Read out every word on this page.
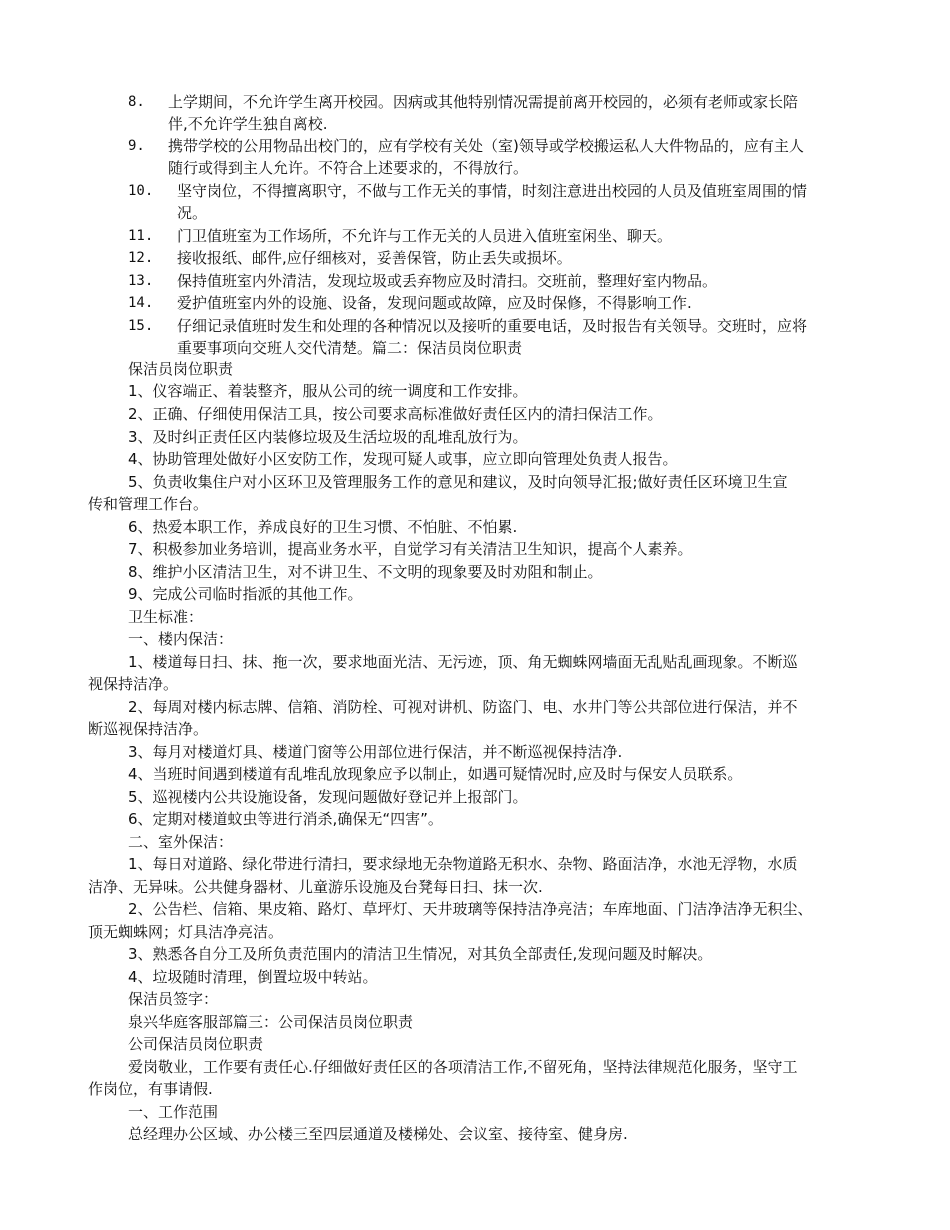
8. 上学期间，不允许学生离开校园。因病或其他特别情况需提前离开校园的，必须有老师或家长陪
伴,不允许学生独自离校.
9. 携带学校的公用物品出校门的，应有学校有关处（室)领导或学校搬运私人大件物品的，应有主人
随行或得到主人允许。不符合上述要求的，不得放行。
10. 坚守岗位，不得擅离职守，不做与工作无关的事情，时刻注意进出校园的人员及值班室周围的情
况。
11. 门卫值班室为工作场所，不允许与工作无关的人员进入值班室闲坐、聊天。
12. 接收报纸、邮件,应仔细核对，妥善保管，防止丢失或损坏。
13. 保持值班室内外清洁，发现垃圾或丢弃物应及时清扫。交班前，整理好室内物品。
14. 爱护值班室内外的设施、设备，发现问题或故障，应及时保修，不得影响工作.
15. 仔细记录值班时发生和处理的各种情况以及接听的重要电话，及时报告有关领导。交班时，应将
重要事项向交班人交代清楚。篇二：保洁员岗位职责
保洁员岗位职责
1、仪容端正、着装整齐，服从公司的统一调度和工作安排。
2、正确、仔细使用保洁工具，按公司要求高标准做好责任区内的清扫保洁工作。
3、及时纠正责任区内装修垃圾及生活垃圾的乱堆乱放行为。
4、协助管理处做好小区安防工作，发现可疑人或事，应立即向管理处负责人报告。
5、负责收集住户对小区环卫及管理服务工作的意见和建议，及时向领导汇报;做好责任区环境卫生宣
传和管理工作台。
6、热爱本职工作，养成良好的卫生习惯、不怕脏、不怕累.
7、积极参加业务培训，提高业务水平，自觉学习有关清洁卫生知识，提高个人素养。
8、维护小区清洁卫生，对不讲卫生、不文明的现象要及时劝阻和制止。
9、完成公司临时指派的其他工作。
卫生标准：
一、楼内保洁：
1、楼道每日扫、抹、拖一次，要求地面光洁、无污迹，顶、角无蜘蛛网墙面无乱贴乱画现象。不断巡
视保持洁净。
2、每周对楼内标志牌、信箱、消防栓、可视对讲机、防盗门、电、水井门等公共部位进行保洁，并不
断巡视保持洁净。
3、每月对楼道灯具、楼道门窗等公用部位进行保洁，并不断巡视保持洁净.
4、当班时间遇到楼道有乱堆乱放现象应予以制止，如遇可疑情况时,应及时与保安人员联系。
5、巡视楼内公共设施设备，发现问题做好登记并上报部门。
6、定期对楼道蚊虫等进行消杀,确保无“四害”。
二、室外保洁：
1、每日对道路、绿化带进行清扫，要求绿地无杂物道路无积水、杂物、路面洁净，水池无浮物，水质
洁净、无异味。公共健身器材、儿童游乐设施及台凳每日扫、抹一次.
2、公告栏、信箱、果皮箱、路灯、草坪灯、天井玻璃等保持洁净亮洁；车库地面、门洁净洁净无积尘、
顶无蜘蛛网；灯具洁净亮洁。
3、熟悉各自分工及所负责范围内的清洁卫生情况，对其负全部责任,发现问题及时解决。
4、垃圾随时清理，倒置垃圾中转站。
保洁员签字：
泉兴华庭客服部篇三：公司保洁员岗位职责
公司保洁员岗位职责
爱岗敬业，工作要有责任心.仔细做好责任区的各项清洁工作,不留死角，坚持法律规范化服务，坚守工
作岗位，有事请假.
一、工作范围
总经理办公区域、办公楼三至四层通道及楼梯处、会议室、接待室、健身房.
